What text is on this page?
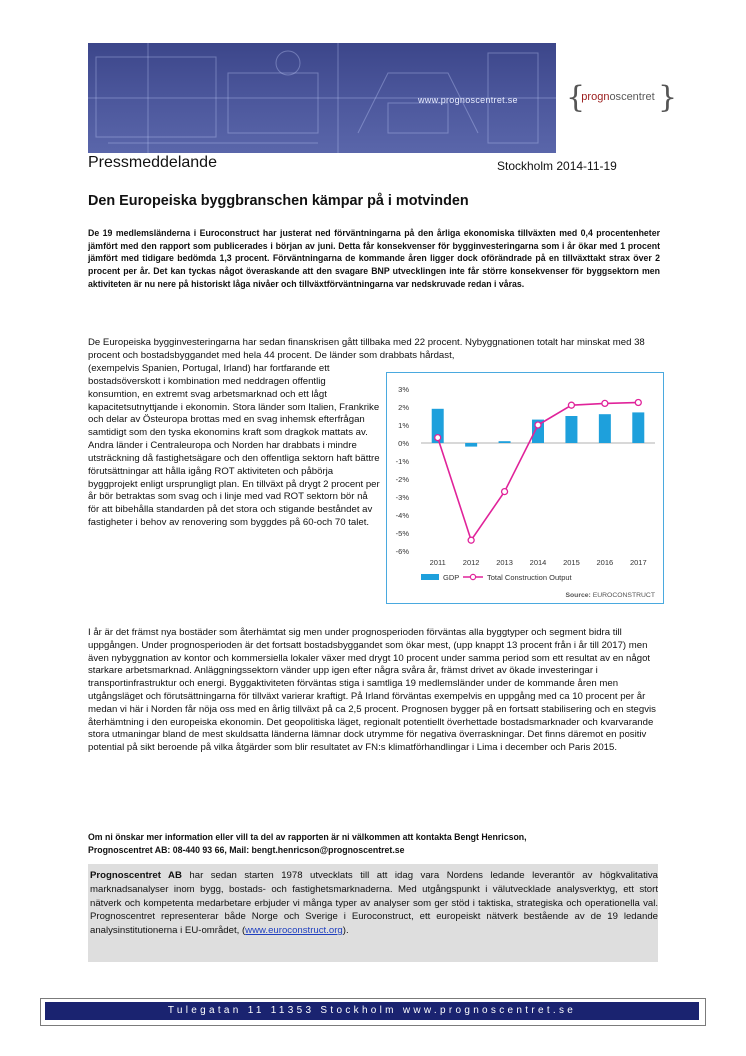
www.prognoscentret.se { }
prognoscentret
Pressmeddelande	Stockholm 2014-11-19
Den Europeiska byggbranschen kämpar på i motvinden

De 19 medlemsländerna i Euroconstruct har justerat ned förväntningarna på den årliga ekonomiska tillväxten med 0,4 procentenheter jämfört med den rapport som publicerades i början av juni. Detta får konsekvenser för bygginvesteringarna som i år ökar med 1 procent jämfört med tidigare bedömda 1,3 procent. Förväntningarna de kommande åren ligger dock oförändrade på en tillväxttakt strax över 2 procent per år. Det kan tyckas något överaskande att den svagare BNP utvecklingen inte får större konsekvenser för byggsektorn men aktiviteten är nu nere på historiskt låga nivåer och tillväxtförväntningarna var nedskruvade redan i våras.

De Europeiska bygginvesteringarna har sedan finanskrisen gått tillbaka med 22 procent. Nybyggnationen totalt har minskat med 38 procent och bostadsbyggandet med hela 44 procent. De länder som drabbats hårdast,

(exempelvis Spanien, Portugal, Irland) har fortfarande ett bostadsöverskott i kombination med neddragen offentlig konsumtion, en extremt svag arbetsmarknad och ett lågt kapacitetsutnyttjande i ekonomin. Stora länder som Italien, Frankrike och delar av Östeuropa brottas med en svag inhemsk efterfrågan samtidigt som den tyska ekonomins kraft som dragkok mattats av. Andra länder i Centraleuropa och Norden har drabbats i mindre utsträckning då fastighetsägare och den offentliga sektorn haft bättre förutsättningar att hålla igång ROT aktiviteten och påbörja byggprojekt enligt ursprungligt plan. En tillväxt på drygt 2 procent per år bör betraktas som svag och i linje med vad ROT sektorn bör nå för att bibehålla standarden på det stora och stigande beståndet av fastigheter i behov av renovering som byggdes på 60-och 70 talet.

3%
2%
1%
0%
-1%
-2%
-3%
-4%
-5%
-6%
2011 2012 2013 2014 2015 2016 2017
GDP	Total Construction Output
Source: EUROCONSTRUCT

I år är det främst nya bostäder som återhämtat sig men under prognosperioden förväntas alla byggtyper och segment bidra till uppgången. Under prognosperioden är det fortsatt bostadsbyggandet som ökar mest, (upp knappt 13 procent från i år till 2017) men även nybyggnation av kontor och kommersiella lokaler växer med drygt 10 procent under samma period som ett resultat av en något starkare arbetsmarknad. Anläggningssektorn vänder upp igen efter några svåra år, främst drivet av ökade investeringar i transportinfrastruktur och energi. Byggaktiviteten förväntas stiga i samtliga 19 medlemsländer under de kommande åren men utgångsläget och förutsättningarna för tillväxt varierar kraftigt. På Irland förväntas exempelvis en uppgång med ca 10 procent per år medan vi här i Norden får nöja oss med en årlig tillväxt på ca 2,5 procent. Prognosen bygger på en fortsatt stabilisering och en stegvis återhämtning i den europeiska ekonomin. Det geopolitiska läget, regionalt potentiellt överhettade bostadsmarknader och kvarvarande stora utmaningar bland de mest skuldsatta länderna lämnar dock utrymme för negativa överraskningar. Det finns däremot en positiv potential på sikt beroende på vilka åtgärder som blir resultatet av FN:s klimatförhandlingar i Lima i december och Paris 2015.

Om ni önskar mer information eller vill ta del av rapporten är ni välkommen att kontakta Bengt Henricson,
Prognoscentret AB: 08-440 93 66, Mail: bengt.henricson@prognoscentret.se

Prognoscentret AB har sedan starten 1978 utvecklats till att idag vara Nordens ledande leverantör av högkvalitativa marknadsanalyser inom bygg, bostads- och fastighetsmarknaderna. Med utgångspunkt i välutvecklade analysverktyg, ett stort nätverk och kompetenta medarbetare erbjuder vi många typer av analyser som ger stöd i taktiska, strategiska och operationella val. Prognoscentret representerar både Norge och Sverige i Euroconstruct, ett europeiskt nätverk bestående av de 19 ledande analysinstitutionerna i EU-området, (www.euroconstruct.org).

Tulegatan 11 11353 Stockholm www.prognoscentret.se
